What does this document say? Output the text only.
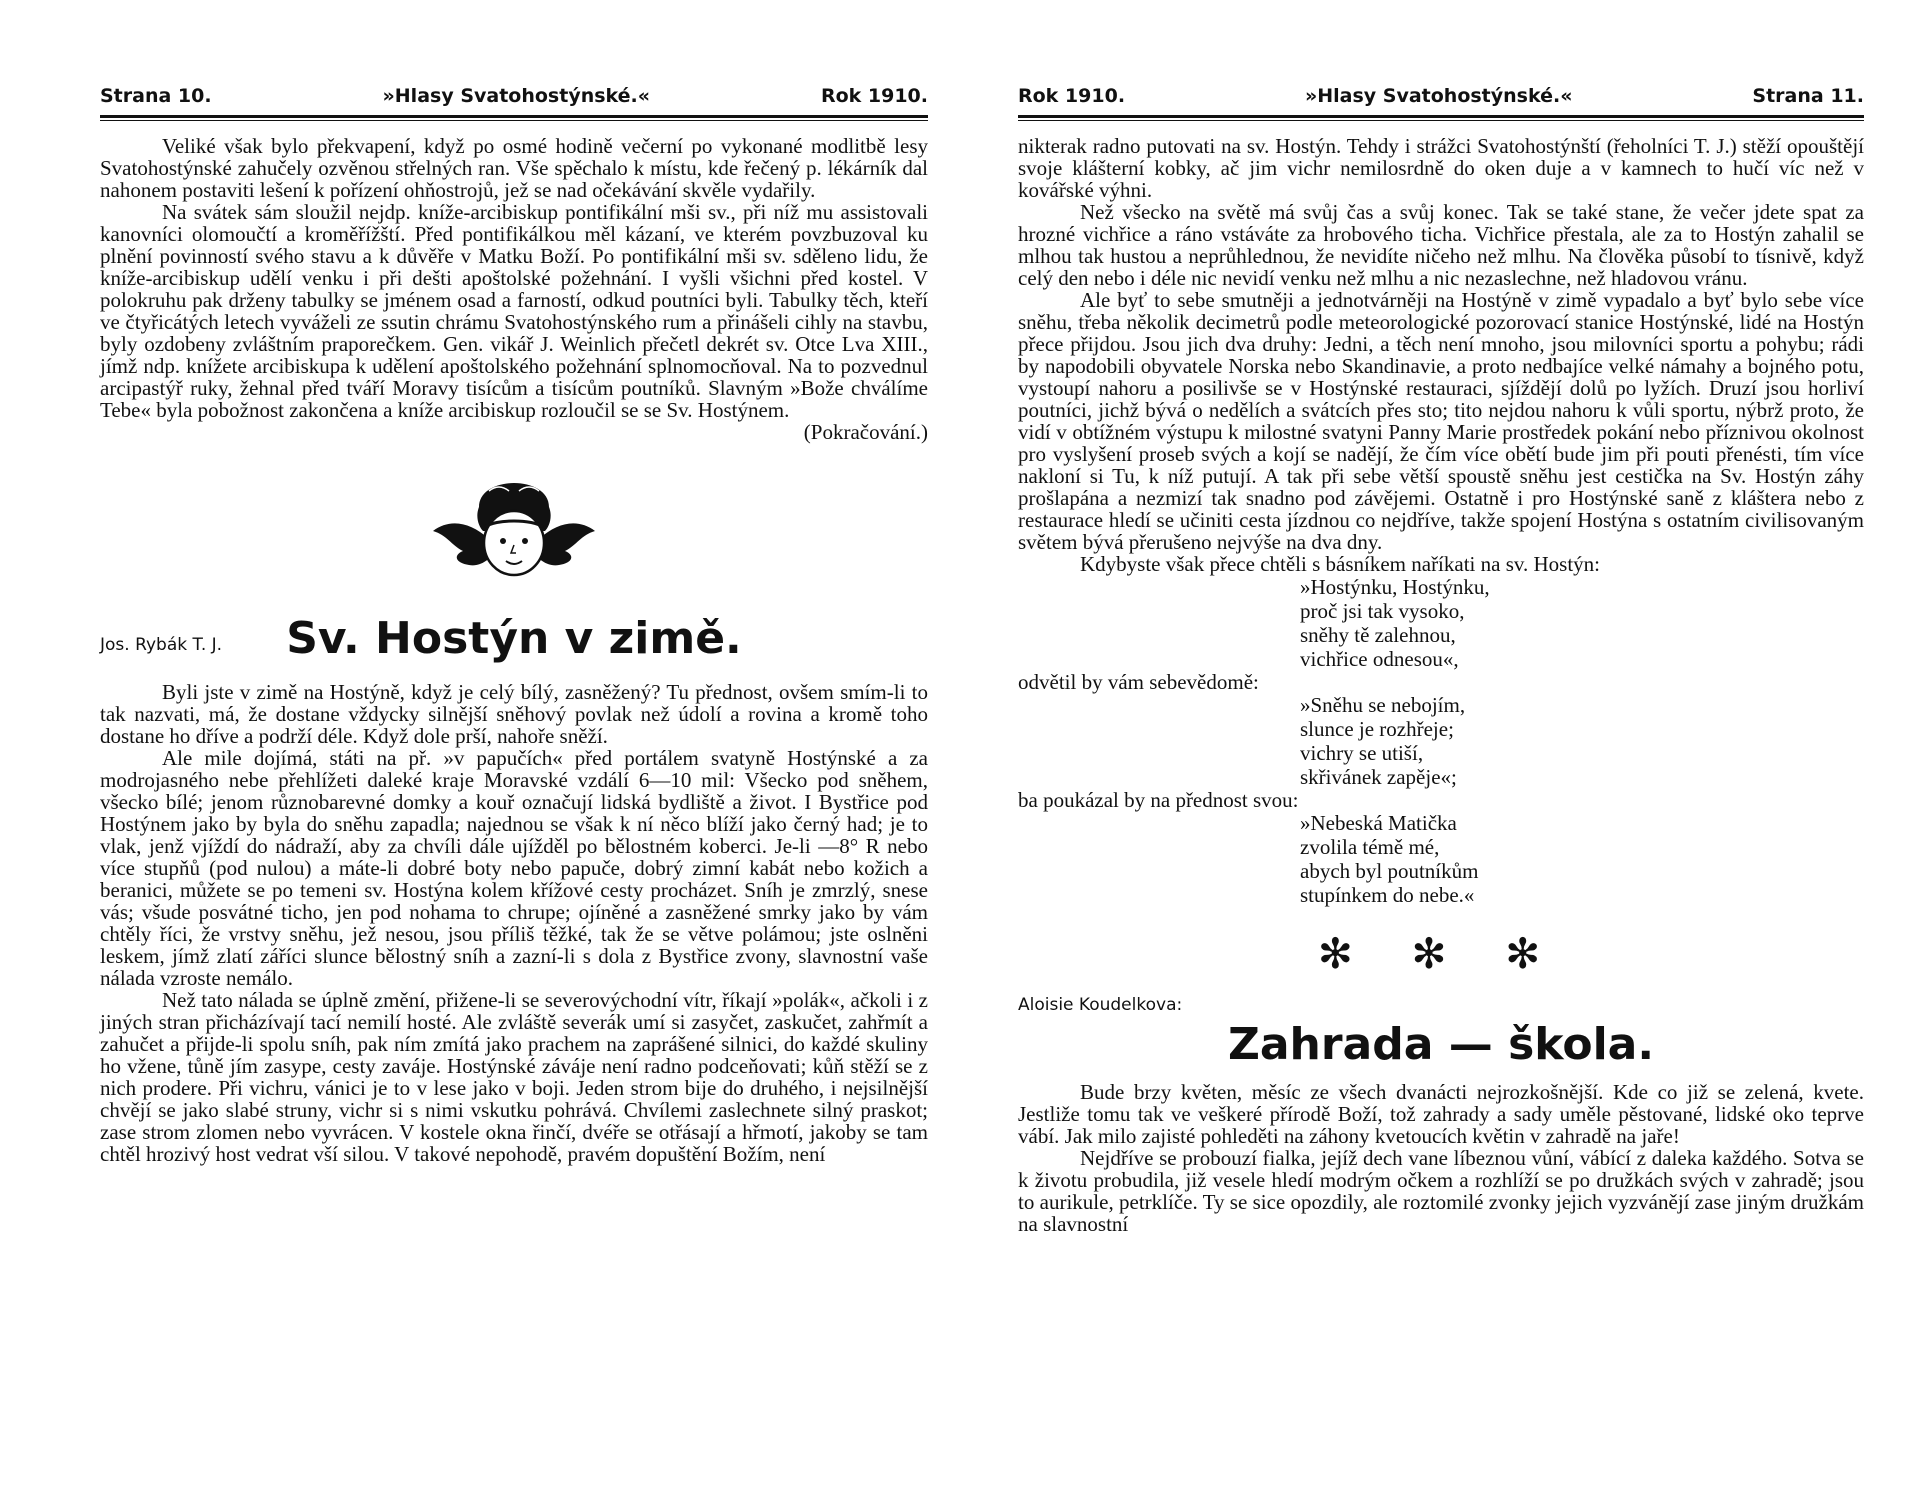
Strana 10.	»Hlasy Svatohostýnské.«	Rok 1910.

Veliké však bylo překvapení, když po osmé hodině večerní po vykonané modlitbě lesy Svatohostýnské zahučely ozvěnou střelných ran. Vše spěchalo k místu, kde řečený p. lékárník dal nahonem postaviti lešení k pořízení ohňostrojů, jež se nad očekávání skvěle vydařily.

Na svátek sám sloužil nejdp. kníže-arcibiskup pontifikální mši sv., při níž mu assistovali kanovníci olomoučtí a kroměřížští. Před pontifikálkou měl kázaní, ve kterém povzbuzoval ku plnění povinností svého stavu a k důvěře v Matku Boží. Po pontifikální mši sv. sděleno lidu, že kníže-arcibiskup udělí venku i při dešti apoštolské požehnání. I vyšli všichni před kostel. V polokruhu pak drženy tabulky se jménem osad a farností, odkud poutníci byli. Tabulky těch, kteří ve čtyřicátých letech vyváželi ze ssutin chrámu Svatohostýnského rum a přinášeli cihly na stavbu, byly ozdobeny zvláštním praporečkem. Gen. vikář J. Weinlich přečetl dekrét sv. Otce Lva XIII., jímž ndp. knížete arcibiskupa k udělení apoštolského požehnání splnomocňoval. Na to pozvednul arcipastýř ruky, žehnal před tváří Moravy tisícům a tisícům poutníků. Slavným »Bože chválíme Tebe« byla pobožnost zakončena a kníže arcibiskup rozloučil se se Sv. Hostýnem.

(Pokračování.)

Jos. Rybák T. J.	Sv. Hostýn v zimě.

Byli jste v zimě na Hostýně, když je celý bílý, zasněžený? Tu přednost, ovšem smím-li to tak nazvati, má, že dostane vždycky silnější sněhový povlak než údolí a rovina a kromě toho dostane ho dříve a podrží déle. Když dole prší, nahoře sněží.

Ale mile dojímá, státi na př. »v papučích« před portálem svatyně Hostýnské a za modrojasného nebe přehlížeti daleké kraje Moravské vzdálí 6—10 mil: Všecko pod sněhem, všecko bílé; jenom různobarevné domky a kouř označují lidská bydliště a život. I Bystřice pod Hostýnem jako by byla do sněhu zapadla; najednou se však k ní něco blíží jako černý had; je to vlak, jenž vjíždí do nádraží, aby za chvíli dále ujížděl po bělostném koberci. Je-li —8° R nebo více stupňů (pod nulou) a máte-li dobré boty nebo papuče, dobrý zimní kabát nebo kožich a beranici, můžete se po temeni sv. Hostýna kolem křížové cesty procházet. Sníh je zmrzlý, snese vás; všude posvátné ticho, jen pod nohama to chrupe; ojíněné a zasněžené smrky jako by vám chtěly říci, že vrstvy sněhu, jež nesou, jsou příliš těžké, tak že se větve polámou; jste oslněni leskem, jímž zlatí záříci slunce bělostný sníh a zazní-li s dola z Bystřice zvony, slavnostní vaše nálada vzroste nemálo.

Než tato nálada se úplně změní, přižene-li se severovýchodní vítr, říkají »polák«, ačkoli i z jiných stran přicházívají tací nemilí hosté. Ale zvláště severák umí si zasyčet, zaskučet, zahřmít a zahučet a přijde-li spolu sníh, pak ním zmítá jako prachem na zaprášené silnici, do každé skuliny ho vžene, tůně jím zasype, cesty zaváje. Hostýnské záváje není radno podceňovati; kůň stěží se z nich prodere. Při vichru, vánici je to v lese jako v boji. Jeden strom bije do druhého, i nejsilnější chvějí se jako slabé struny, vichr si s nimi vskutku pohrává. Chvílemi zaslechnete silný praskot; zase strom zlomen nebo vyvrácen. V kostele okna řinčí, dvéře se otřásají a hřmotí, jakoby se tam chtěl hrozivý host vedrat vší silou. V takové nepohodě, pravém dopuštění Božím, není

Rok 1910.	»Hlasy Svatohostýnské.«	Strana 11.

nikterak radno putovati na sv. Hostýn. Tehdy i strážci Svatohostýnští (řeholníci T. J.) stěží opouštějí svoje klášterní kobky, ač jim vichr nemilosrdně do oken duje a v kamnech to hučí víc než v kovářské výhni.

Než všecko na světě má svůj čas a svůj konec. Tak se také stane, že večer jdete spat za hrozné vichřice a ráno vstáváte za hrobového ticha. Vichřice přestala, ale za to Hostýn zahalil se mlhou tak hustou a neprůhlednou, že nevidíte ničeho než mlhu. Na člověka působí to tísnivě, když celý den nebo i déle nic nevidí venku než mlhu a nic nezaslechne, než hladovou vránu.

Ale byť to sebe smutněji a jednotvárněji na Hostýně v zimě vypadalo a byť bylo sebe více sněhu, třeba několik decimetrů podle meteorologické pozorovací stanice Hostýnské, lidé na Hostýn přece přijdou. Jsou jich dva druhy: Jedni, a těch není mnoho, jsou milovníci sportu a pohybu; rádi by napodobili obyvatele Norska nebo Skandinavie, a proto nedbajíce velké námahy a bojného potu, vystoupí nahoru a posilivše se v Hostýnské restauraci, sjíždějí dolů po lyžích. Druzí jsou horliví poutníci, jichž bývá o nedělích a svátcích přes sto; tito nejdou nahoru k vůli sportu, nýbrž proto, že vidí v obtížném výstupu k milostné svatyni Panny Marie prostředek pokání nebo příznivou okolnost pro vyslyšení proseb svých a kojí se nadějí, že čím více obětí bude jim při pouti přenésti, tím více nakloní si Tu, k níž putují. A tak při sebe větší spoustě sněhu jest cestička na Sv. Hostýn záhy prošlapána a nezmizí tak snadno pod závějemi. Ostatně i pro Hostýnské saně z kláštera nebo z restaurace hledí se učiniti cesta jízdnou co nejdříve, takže spojení Hostýna s ostatním civilisovaným světem bývá přerušeno nejvýše na dva dny.

Kdybyste však přece chtěli s básníkem naříkati na sv. Hostýn:

»Hostýnku, Hostýnku,
proč jsi tak vysoko,
sněhy tě zalehnou,
vichřice odnesou«,

odvětil by vám sebevědomě:

»Sněhu se nebojím,
slunce je rozhřeje;
vichry se utiší,
skřivánek zapěje«;

ba poukázal by na přednost svou:

»Nebeská Matička
zvolila témě mé,
abych byl poutníkům
stupínkem do nebe.«
✻ ✻ ✻

Aloisie Koudelkova:

Zahrada — škola.

Bude brzy květen, měsíc ze všech dvanácti nejrozkošnější. Kde co již se zelená, kvete. Jestliže tomu tak ve veškeré přírodě Boží, tož zahrady a sady uměle pěstované, lidské oko teprve vábí. Jak milo zajisté pohleděti na záhony kvetoucích květin v zahradě na jaře!

Nejdříve se probouzí fialka, jejíž dech vane líbeznou vůní, vábící z daleka každého. Sotva se k životu probudila, již vesele hledí modrým očkem a rozhlíží se po družkách svých v zahradě; jsou to aurikule, petrklíče. Ty se sice opozdily, ale roztomilé zvonky jejich vyzvánějí zase jiným družkám na slavnostní
